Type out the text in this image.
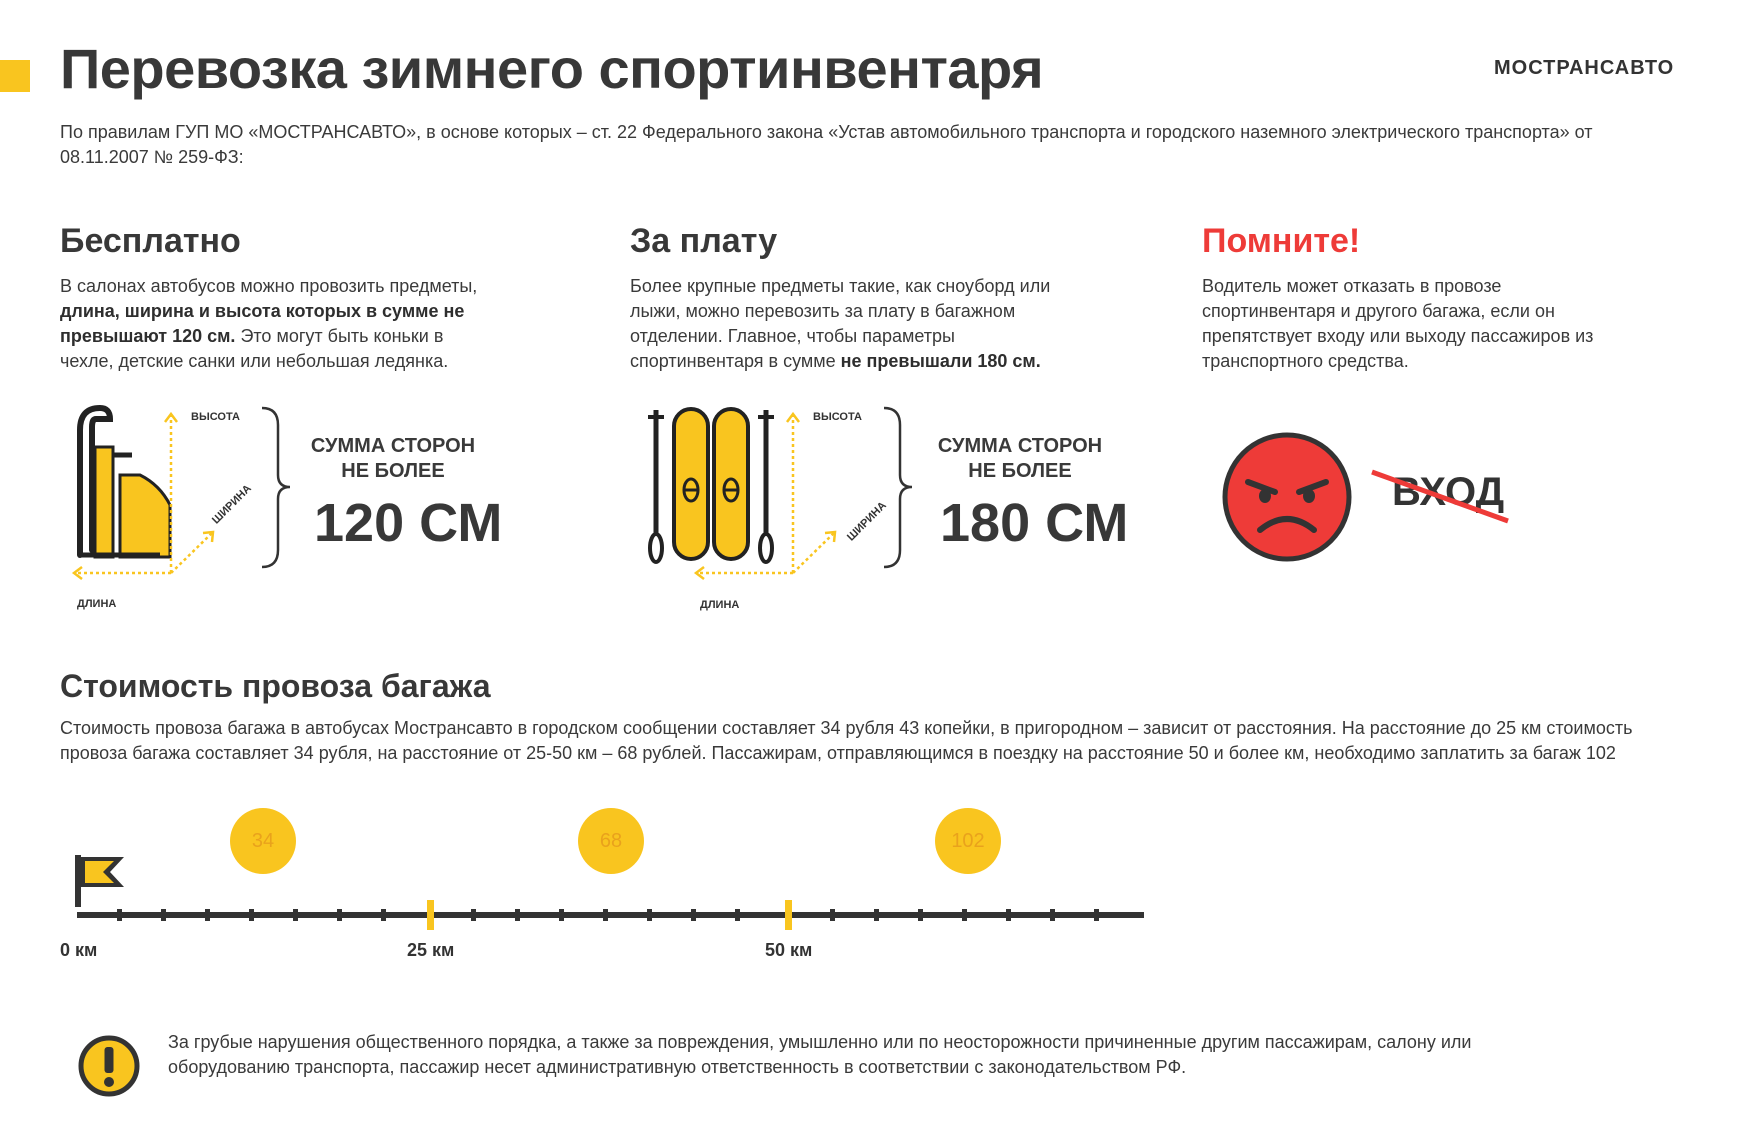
Перевозка зимнего спортинвентаря	МОСТРАНСАВТО

По правилам ГУП МО «МОСТРАНСАВТО», в основе которых – ст. 22 Федерального закона «Устав автомобильного транспорта и городского наземного электрического транспорта» от 08.11.2007 № 259-ФЗ:

Бесплатно

В салонах автобусов можно провозить предметы, длина, ширина и высота которых в сумме не превышают 120 см. Это могут быть коньки в чехле, детские санки или небольшая ледянка.

ВЫСОТА
ШИРИНА
ДЛИНА
СУММА СТОРОН НЕ БОЛЕЕ
120 СМ
За плату

Более крупные предметы такие, как сноуборд или лыжи, можно перевозить за плату в багажном отделении. Главное, чтобы параметры спортинвентаря в сумме не превышали 180 см.

ВЫСОТА
ШИРИНА
ДЛИНА
СУММА СТОРОН НЕ БОЛЕЕ
180 СМ
Помните!

Водитель может отказать в провозе спортинвентаря и другого багажа, если он препятствует входу или выходу пассажиров из транспортного средства.

ВХОД
Стоимость провоза багажа

Стоимость провоза багажа в автобусах Мострансавто в городском сообщении составляет 34 рубля 43 копейки, в пригородном – зависит от расстояния. На расстояние до 25 км стоимость провоза багажа составляет 34 рубля, на расстояние от 25-50 км – 68 рублей. Пассажирам, отправляющимся в поездку на расстояние 50 и более км, необходимо заплатить за багаж 102

34	68	102
0 км	25 км	50 км

За грубые нарушения общественного порядка, а также за повреждения, умышленно или по неосторожности причиненные другим пассажирам, салону или оборудованию транспорта, пассажир несет административную ответственность в соответствии с законодательством РФ.
